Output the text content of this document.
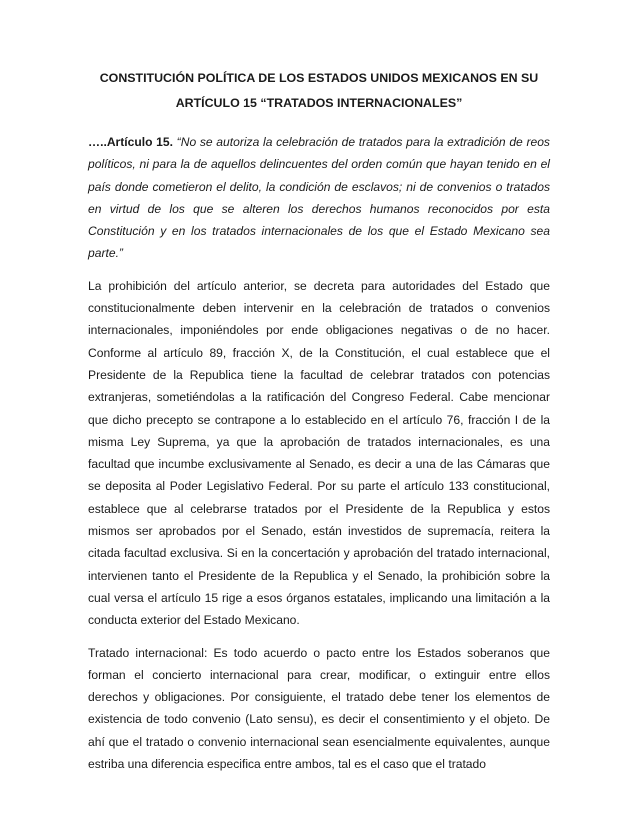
CONSTITUCIÓN POLÍTICA DE LOS ESTADOS UNIDOS MEXICANOS EN SU
ARTÍCULO 15 “TRATADOS INTERNACIONALES”

…..Artículo 15. “No se autoriza la celebración de tratados para la extradición de reos políticos, ni para la de aquellos delincuentes del orden común que hayan tenido en el país donde cometieron el delito, la condición de esclavos; ni de convenios o tratados en virtud de los que se alteren los derechos humanos reconocidos por esta Constitución y en los tratados internacionales de los que el Estado Mexicano sea parte.”

La prohibición del artículo anterior, se decreta para autoridades del Estado que constitucionalmente deben intervenir en la celebración de tratados o convenios internacionales, imponiéndoles por ende obligaciones negativas o de no hacer. Conforme al artículo 89, fracción X, de la Constitución, el cual establece que el Presidente de la Republica tiene la facultad de celebrar tratados con potencias extranjeras, sometiéndolas a la ratificación del Congreso Federal. Cabe mencionar que dicho precepto se contrapone a lo establecido en el artículo 76, fracción I de la misma Ley Suprema, ya que la aprobación de tratados internacionales, es una facultad que incumbe exclusivamente al Senado, es decir a una de las Cámaras que se deposita al Poder Legislativo Federal. Por su parte el artículo 133 constitucional, establece que al celebrarse tratados por el Presidente de la Republica y estos mismos ser aprobados por el Senado, están investidos de supremacía, reitera la citada facultad exclusiva. Si en la concertación y aprobación del tratado internacional, intervienen tanto el Presidente de la Republica y el Senado, la prohibición sobre la cual versa el artículo 15 rige a esos órganos estatales, implicando una limitación a la conducta exterior del Estado Mexicano.

Tratado internacional: Es todo acuerdo o pacto entre los Estados soberanos que forman el concierto internacional para crear, modificar, o extinguir entre ellos derechos y obligaciones. Por consiguiente, el tratado debe tener los elementos de existencia de todo convenio (Lato sensu), es decir el consentimiento y el objeto. De ahí que el tratado o convenio internacional sean esencialmente equivalentes, aunque estriba una diferencia especifica entre ambos, tal es el caso que el tratado
